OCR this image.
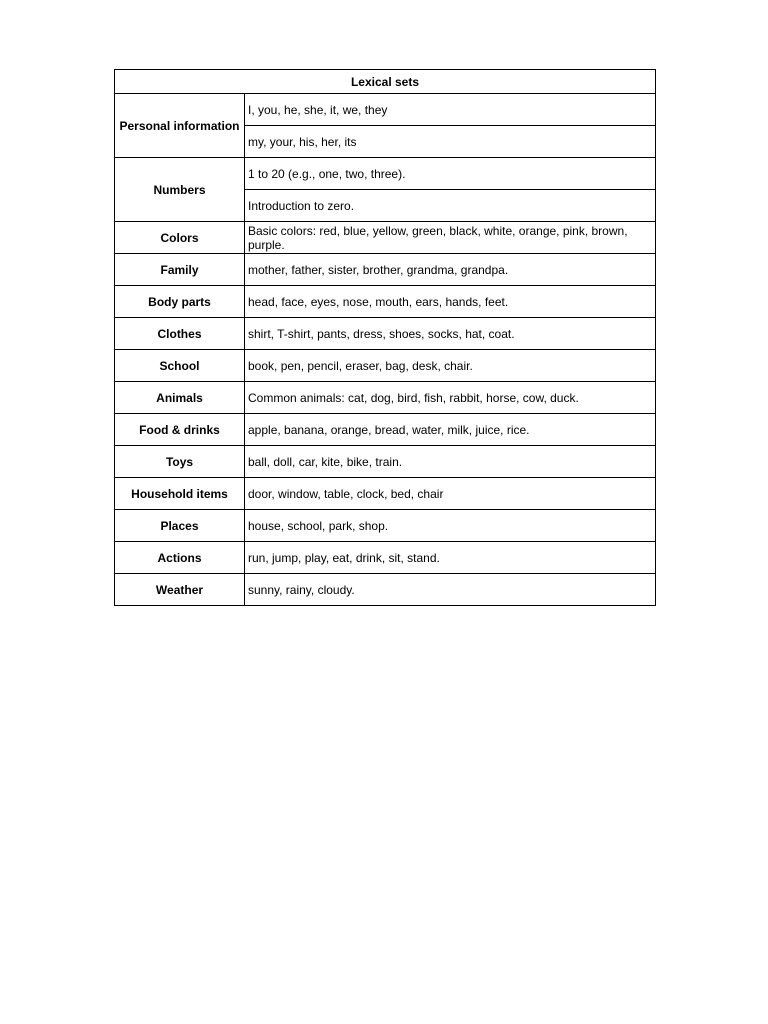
Lexical sets	
Personal information	I, you, he, she, it, we, they
	my, your, his, her, its
Numbers	1 to 20 (e.g., one, two, three).
	Introduction to zero.
Colors	Basic colors: red, blue, yellow, green, black, white, orange, pink, brown, purple.
Family	mother, father, sister, brother, grandma, grandpa.
Body parts	head, face, eyes, nose, mouth, ears, hands, feet.
Clothes	shirt, T-shirt, pants, dress, shoes, socks, hat, coat.
School	book, pen, pencil, eraser, bag, desk, chair.
Animals	Common animals: cat, dog, bird, fish, rabbit, horse, cow, duck.
Food & drinks	apple, banana, orange, bread, water, milk, juice, rice.
Toys	ball, doll, car, kite, bike, train.
Household items	door, window, table, clock, bed, chair
Places	house, school, park, shop.
Actions	run, jump, play, eat, drink, sit, stand.
Weather	sunny, rainy, cloudy.
